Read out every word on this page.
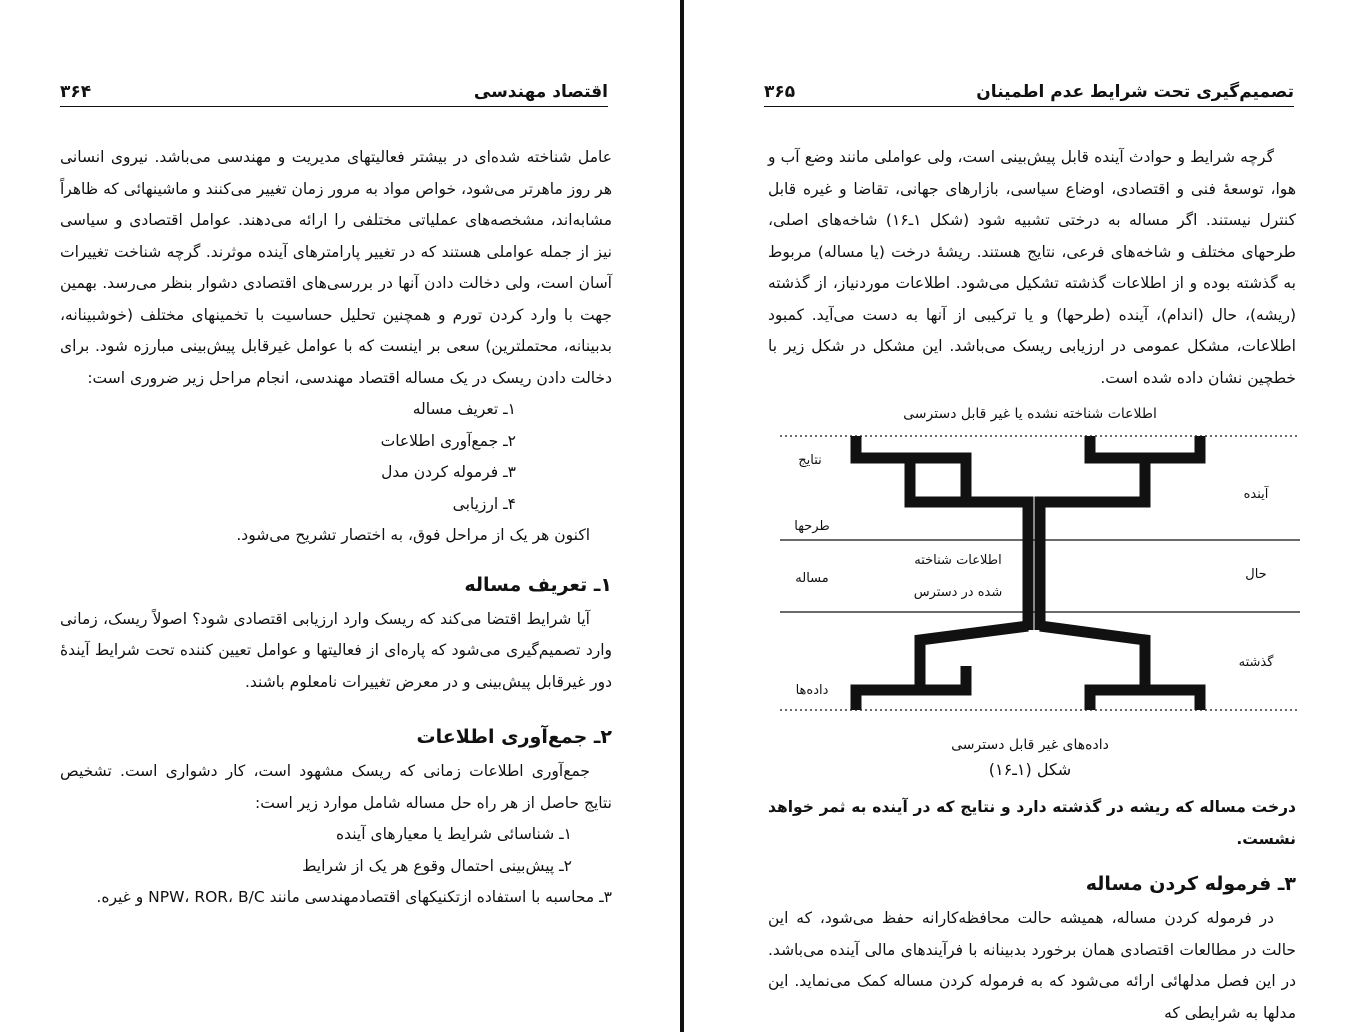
اقتصاد مهندسی
۳۶۴

عامل شناخته شده‌ای در بیشتر فعالیتهای مدیریت و مهندسی می‌باشد. نیروی انسانی هر روز ماهرتر می‌شود، خواص مواد به مرور زمان تغییر می‌کنند و ماشینهائی که ظاهراً مشابه‌اند، مشخصه‌های عملیاتی مختلفی را ارائه می‌دهند. عوامل اقتصادی و سیاسی نیز از جمله عواملی هستند که در تغییر پارامترهای آینده موثرند. گرچه شناخت تغییرات آسان است، ولی دخالت دادن آنها در بررسی‌های اقتصادی دشوار بنظر می‌رسد. بهمین جهت با وارد کردن تورم و همچنین تحلیل حساسیت با تخمینهای مختلف (خوشبینانه، بدبینانه، محتملترین) سعی بر اینست که با عوامل غیرقابل پیش‌بینی مبارزه شود. برای دخالت دادن ریسک در یک مساله اقتصاد مهندسی، انجام مراحل زیر ضروری است:

۱ـ تعریف مساله

۲ـ جمع‌آوری اطلاعات

۳ـ فرموله کردن مدل

۴ـ ارزیابی

اکنون هر یک از مراحل فوق، به اختصار تشریح می‌شود.

۱ـ تعریف مساله

آیا شرایط اقتضا می‌کند که ریسک وارد ارزیابی اقتصادی شود؟ اصولاً ریسک، زمانی وارد تصمیم‌گیری می‌شود که پاره‌ای از فعالیتها و عوامل تعیین کننده تحت شرایط آیندهٔ دور غیرقابل پیش‌بینی و در معرض تغییرات نامعلوم باشند.

۲ـ جمع‌آوری اطلاعات

جمع‌آوری اطلاعات زمانی که ریسک مشهود است، کار دشواری است. تشخیص نتایج حاصل از هر راه حل مساله شامل موارد زیر است:

۱ـ شناسائی شرایط یا معیارهای آینده

۲ـ پیش‌بینی احتمال وقوع هر یک از شرایط

۳ـ محاسبه با استفاده ازتکنیکهای اقتصادمهندسی مانند NPW، ROR، B/C و غیره.

تصمیم‌گیری تحت شرایط عدم اطمینان
۳۶۵

گرچه شرایط و حوادث آینده قابل پیش‌بینی است، ولی عواملی مانند وضع آب و هوا، توسعهٔ فنی و اقتصادی، اوضاع سیاسی، بازارهای جهانی، تقاضا و غیره قابل کنترل نیستند. اگر مساله به درختی تشبیه شود (شکل ۱ـ۱۶) شاخه‌های اصلی، طرحهای مختلف و شاخه‌های فرعی، نتایج هستند. ریشهٔ درخت (یا مساله) مربوط به گذشته بوده و از اطلاعات گذشته تشکیل می‌شود. اطلاعات موردنیاز، از گذشته (ریشه)، حال (اندام)، آینده (طرحها) و یا ترکیبی از آنها به دست می‌آید. کمبود اطلاعات، مشکل عمومی در ارزیابی ریسک می‌باشد. این مشکل در شکل زیر با خطچین نشان داده شده است.

اطلاعات شناخته نشده یا غیر قابل دسترسی
نتایج
طرحها
مساله
داده‌ها
آینده
حال
گذشته
اطلاعات شناخته
شده در دسترس
داده‌های غیر قابل دسترسی
شکل (۱ـ۱۶)

درخت مساله که ریشه در گذشته دارد و نتایج که در آینده به ثمر خواهد نشست.

۳ـ فرموله کردن مساله

در فرموله کردن مساله، همیشه حالت محافظه‌کارانه حفظ می‌شود، که این حالت در مطالعات اقتصادی همان برخورد بدبینانه با فرآیندهای مالی آینده می‌باشد. در این فصل مدلهائی ارائه می‌شود که به فرموله کردن مساله کمک می‌نماید. این مدلها به شرایطی که
